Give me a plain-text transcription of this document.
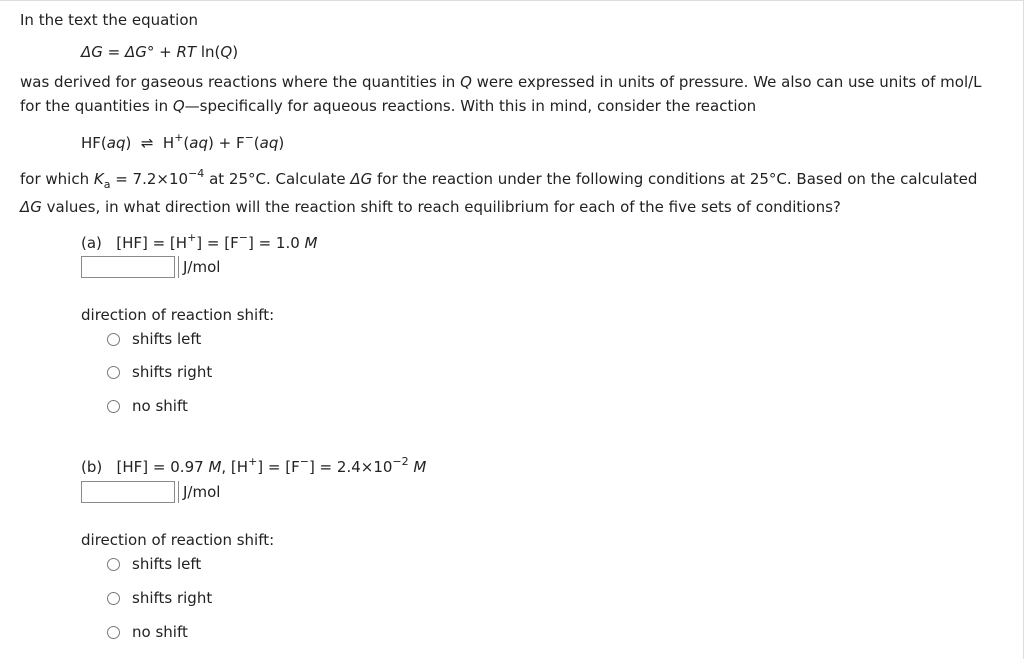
In the text the equation
ΔG = ΔG° + RT ln(Q)
was derived for gaseous reactions where the quantities in Q were expressed in units of pressure. We also can use units of mol/L
for the quantities in Q—specifically for aqueous reactions. With this in mind, consider the reaction
HF(aq) ⇌ H+(aq) + F−(aq)
for which $K_a = 7.2\times 10^{-4}$ at 25°C. Calculate ΔG for the reaction under the following conditions at 25°C. Based on the calculated
ΔG values, in what direction will the reaction shift to reach equilibrium for each of the five sets of conditions?
(a) [HF] = [H+] = [F−] = 1.0 M
J/mol
direction of reaction shift:
shifts left
shifts right
no shift
(b) [HF] = 0.97 M, $[H^+] = [F^-] = 2.4\times 10^{-2}$ M
J/mol
direction of reaction shift:
shifts left
shifts right
no shift
